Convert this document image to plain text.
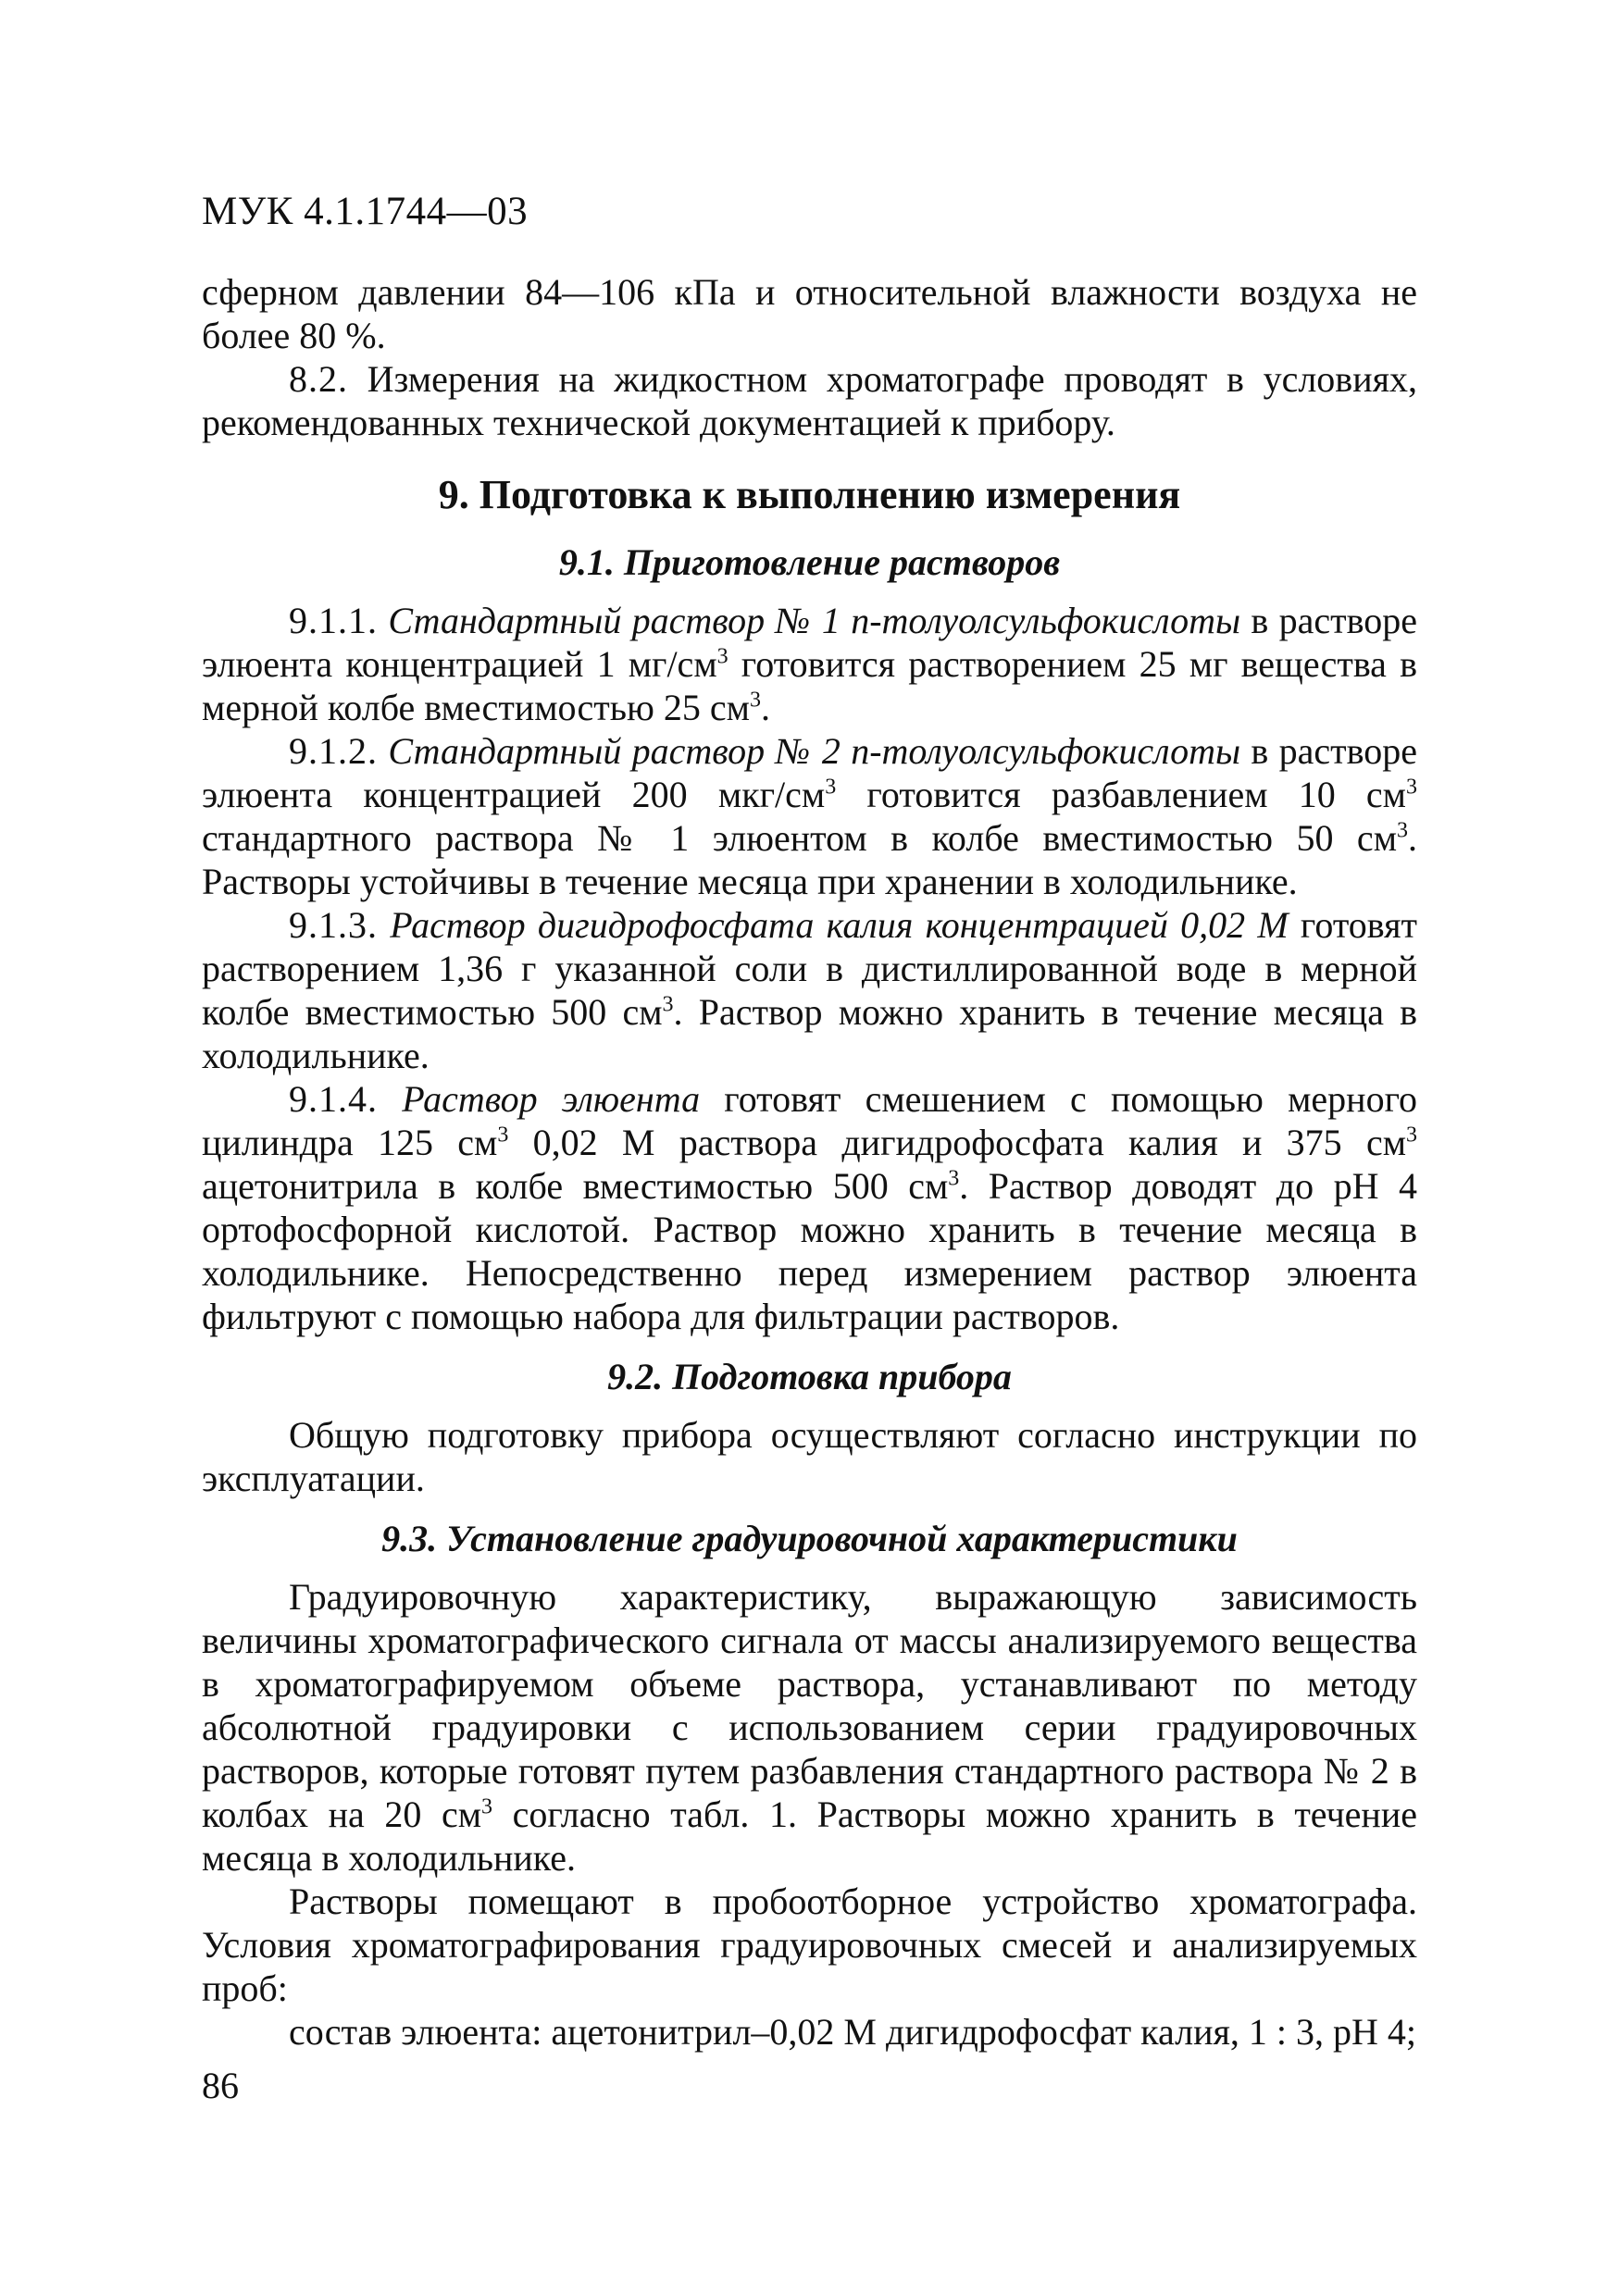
МУК 4.1.1744—03

сферном давлении 84—106 кПа и относительной влажности воздуха не более 80 %.

8.2. Измерения на жидкостном хроматографе проводят в условиях, рекомендованных технической документацией к прибору.

9. Подготовка к выполнению измерения
9.1. Приготовление растворов

9.1.1. Стандартный раствор № 1 п-толуолсульфокислоты в растворе элюента концентрацией 1 $мг/см^3$ готовится растворением 25 мг вещества в мерной колбе вместимостью 25 $см^3$.

9.1.2. Стандартный раствор № 2 п-толуолсульфокислоты в растворе элюента концентрацией 200 мкг/$см^3$ готовится разбавлением 10 $см^3$ стандартного раствора № 1 элюентом в колбе вместимостью 50 $см^3$. Растворы устойчивы в течение месяца при хранении в холодильнике.

9.1.3. Раствор дигидрофосфата калия концентрацией 0,02 М готовят растворением 1,36 г указанной соли в дистиллированной воде в мерной колбе вместимостью 500 $см^3$. Раствор можно хранить в течение месяца в холодильнике.

9.1.4. Раствор элюента готовят смешением с помощью мерного цилиндра 125 $см^3$ 0,02 М раствора дигидрофосфата калия и 375 $см^3$ ацетонитрила в колбе вместимостью 500 $см^3$. Раствор доводят до рН 4 ортофосфорной кислотой. Раствор можно хранить в течение месяца в холодильнике. Непосредственно перед измерением раствор элюента фильтруют с помощью набора для фильтрации растворов.

9.2. Подготовка прибора

Общую подготовку прибора осуществляют согласно инструкции по эксплуатации.

9.3. Установление градуировочной характеристики

Градуировочную характеристику, выражающую зависимость величины хроматографического сигнала от массы анализируемого вещества в хроматографируемом объеме раствора, устанавливают по методу абсолютной градуировки с использованием серии градуировочных растворов, которые готовят путем разбавления стандартного раствора № 2 в колбах на 20 $см^3$ согласно табл. 1. Растворы можно хранить в течение месяца в холодильнике.

Растворы помещают в пробоотборное устройство хроматографа. Условия хроматографирования градуировочных смесей и анализируемых проб:

состав элюента: ацетонитрил–0,02 М дигидрофосфат калия, 1 : 3, рН 4;

86
